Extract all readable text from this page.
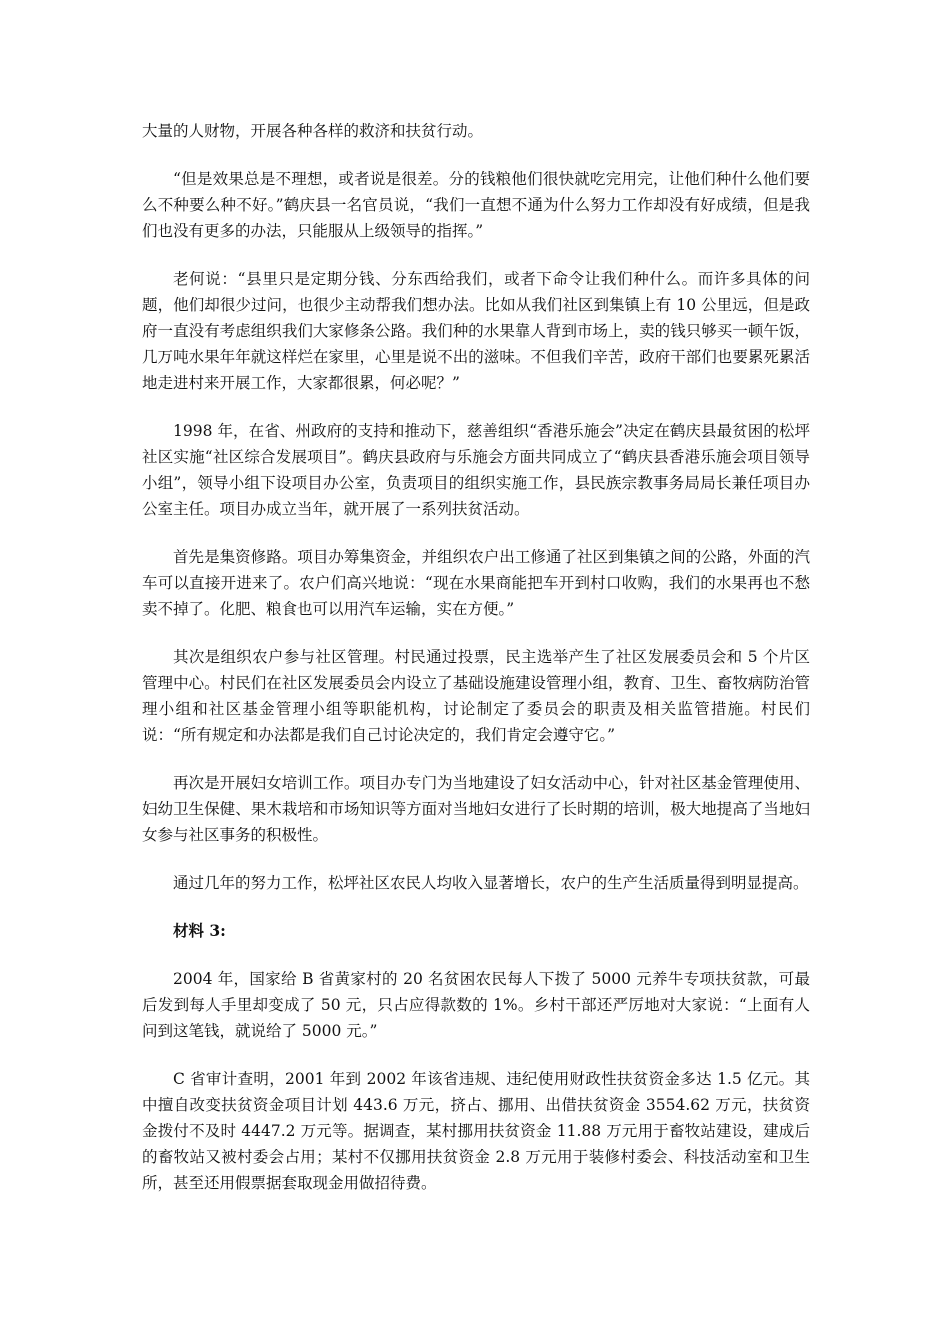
大量的人财物，开展各种各样的救济和扶贫行动。

“但是效果总是不理想，或者说是很差。分的钱粮他们很快就吃完用完，让他们种什么他们要么不种要么种不好。”鹤庆县一名官员说，“我们一直想不通为什么努力工作却没有好成绩，但是我们也没有更多的办法，只能服从上级领导的指挥。”

老何说：“县里只是定期分钱、分东西给我们，或者下命令让我们种什么。而许多具体的问题，他们却很少过问，也很少主动帮我们想办法。比如从我们社区到集镇上有 10 公里远，但是政府一直没有考虑组织我们大家修条公路。我们种的水果靠人背到市场上，卖的钱只够买一顿午饭，几万吨水果年年就这样烂在家里，心里是说不出的滋味。不但我们辛苦，政府干部们也要累死累活地走进村来开展工作，大家都很累，何必呢？”

1998 年，在省、州政府的支持和推动下，慈善组织“香港乐施会”决定在鹤庆县最贫困的松坪社区实施“社区综合发展项目”。鹤庆县政府与乐施会方面共同成立了“鹤庆县香港乐施会项目领导小组”，领导小组下设项目办公室，负责项目的组织实施工作，县民族宗教事务局局长兼任项目办公室主任。项目办成立当年，就开展了一系列扶贫活动。

首先是集资修路。项目办筹集资金，并组织农户出工修通了社区到集镇之间的公路，外面的汽车可以直接开进来了。农户们高兴地说：“现在水果商能把车开到村口收购，我们的水果再也不愁卖不掉了。化肥、粮食也可以用汽车运输，实在方便。”

其次是组织农户参与社区管理。村民通过投票，民主选举产生了社区发展委员会和 5 个片区管理中心。村民们在社区发展委员会内设立了基础设施建设管理小组，教育、卫生、畜牧病防治管理小组和社区基金管理小组等职能机构，讨论制定了委员会的职责及相关监管措施。村民们说：“所有规定和办法都是我们自己讨论决定的，我们肯定会遵守它。”

再次是开展妇女培训工作。项目办专门为当地建设了妇女活动中心，针对社区基金管理使用、妇幼卫生保健、果木栽培和市场知识等方面对当地妇女进行了长时期的培训，极大地提高了当地妇女参与社区事务的积极性。

通过几年的努力工作，松坪社区农民人均收入显著增长，农户的生产生活质量得到明显提高。

材料 3:

2004 年，国家给 B 省黄家村的 20 名贫困农民每人下拨了 5000 元养牛专项扶贫款，可最后发到每人手里却变成了 50 元，只占应得款数的 1%。乡村干部还严厉地对大家说：“上面有人问到这笔钱，就说给了 5000 元。”

C 省审计查明，2001 年到 2002 年该省违规、违纪使用财政性扶贫资金多达 1.5 亿元。其中擅自改变扶贫资金项目计划 443.6 万元，挤占、挪用、出借扶贫资金 3554.62 万元，扶贫资金拨付不及时 4447.2 万元等。据调查，某村挪用扶贫资金 11.88 万元用于畜牧站建设，建成后的畜牧站又被村委会占用；某村不仅挪用扶贫资金 2.8 万元用于装修村委会、科技活动室和卫生所，甚至还用假票据套取现金用做招待费。
